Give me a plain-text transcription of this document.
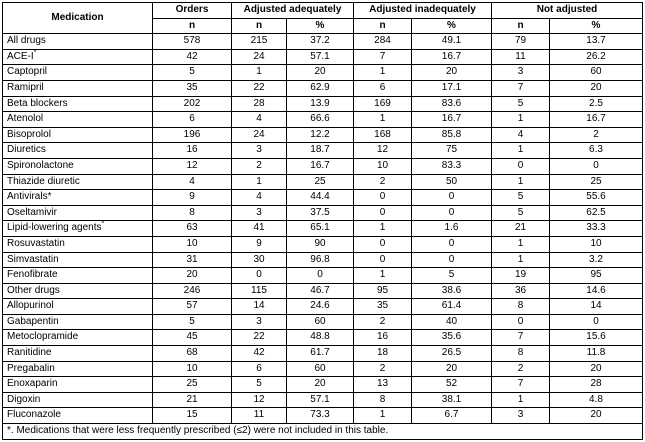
Medication	Orders	Adjusted adequately		Adjusted inadequately		Not adjusted	
	n	n	%	n	%	n	%
All drugs	578	215	37.2	284	49.1	79	13.7
ACE-I*	42	24	57.1	7	16.7	11	26.2
Captopril	5	1	20	1	20	3	60
Ramipril	35	22	62.9	6	17.1	7	20
Beta blockers	202	28	13.9	169	83.6	5	2.5
Atenolol	6	4	66.6	1	16.7	1	16.7
Bisoprolol	196	24	12.2	168	85.8	4	2
Diuretics	16	3	18.7	12	75	1	6.3
Spironolactone	12	2	16.7	10	83.3	0	0
Thiazide diuretic	4	1	25	2	50	1	25
Antivirals*	9	4	44.4	0	0	5	55.6
Oseltamivir	8	3	37.5	0	0	5	62.5
Lipid-lowering agents*	63	41	65.1	1	1.6	21	33.3
Rosuvastatin	10	9	90	0	0	1	10
Simvastatin	31	30	96.8	0	0	1	3.2
Fenofibrate	20	0	0	1	5	19	95
Other drugs	246	115	46.7	95	38.6	36	14.6
Allopurinol	57	14	24.6	35	61.4	8	14
Gabapentin	5	3	60	2	40	0	0
Metoclopramide	45	22	48.8	16	35.6	7	15.6
Ranitidine	68	42	61.7	18	26.5	8	11.8
Pregabalin	10	6	60	2	20	2	20
Enoxaparin	25	5	20	13	52	7	28
Digoxin	21	12	57.1	8	38.1	1	4.8
Fluconazole	15	11	73.3	1	6.7	3	20
*. Medications that were less frequently prescribed (≤2) were not included in this table.							
